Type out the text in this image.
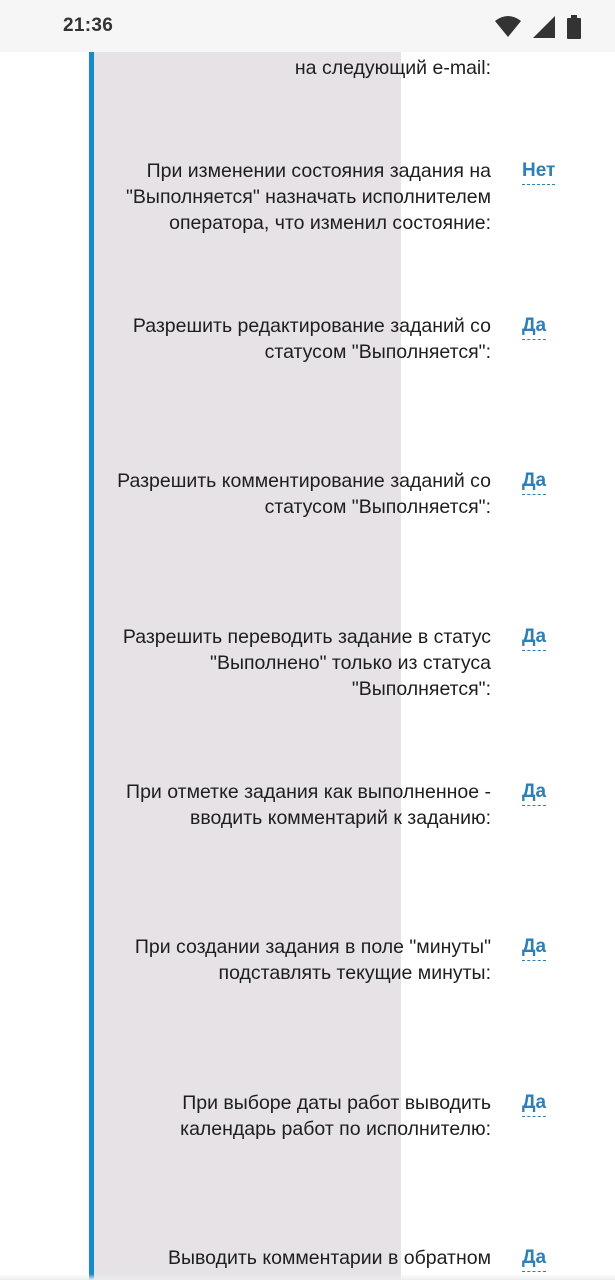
на следующий e-mail:
При изменении состояния задания на "Выполняется" назначать исполнителем оператора, что изменил состояние:
Нет
Разрешить редактирование заданий со статусом "Выполняется":
Да
Разрешить комментирование заданий со статусом "Выполняется":
Да
Разрешить переводить задание в статус "Выполнено" только из статуса "Выполняется":
Да
При отметке задания как выполненное - вводить комментарий к заданию:
Да
При создании задания в поле "минуты" подставлять текущие минуты:
Да
При выборе даты работ выводить календарь работ по исполнителю:
Да
Выводить комментарии в обратном Да
21:36
